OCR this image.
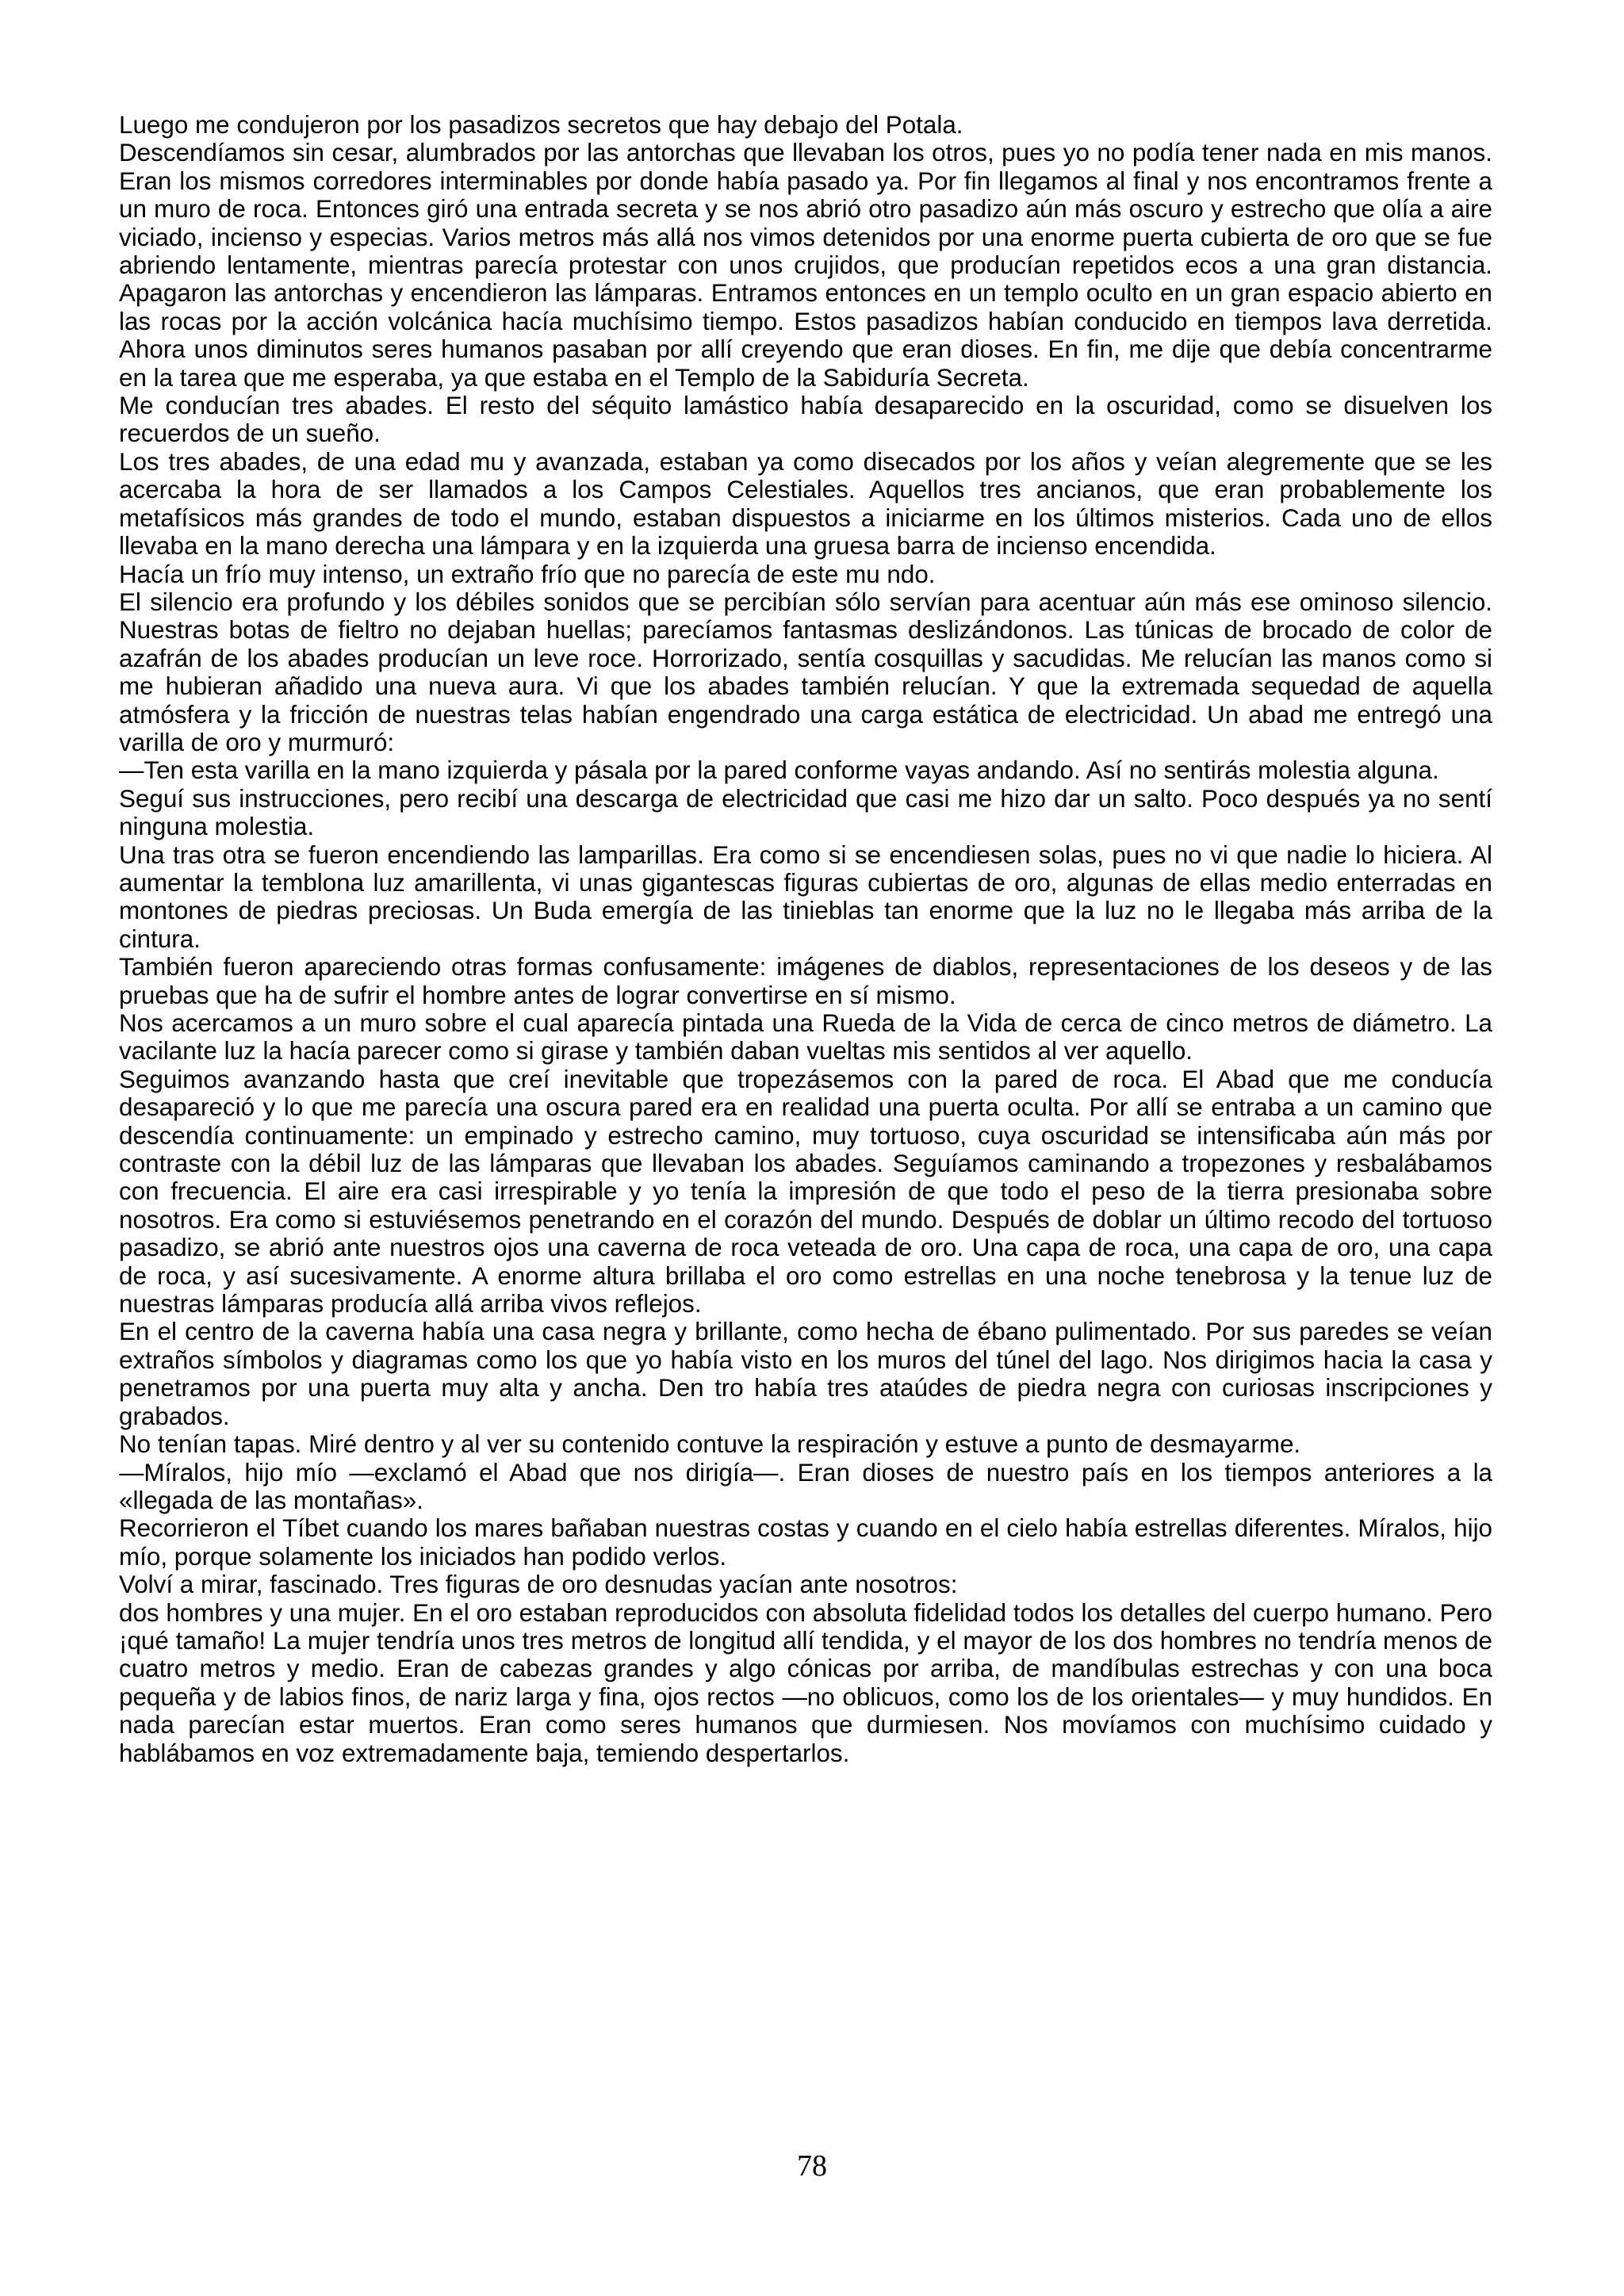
Luego me condujeron por los pasadizos secretos que hay debajo del Potala.

Descendíamos sin cesar, alumbrados por las antorchas que llevaban los otros, pues yo no podía tener nada en mis manos. Eran los mismos corredores interminables por donde había pasado ya. Por fin llegamos al final y nos encontramos frente a un muro de roca. Entonces giró una entrada secreta y se nos abrió otro pasadizo aún más oscuro y estrecho que olía a aire viciado, incienso y especias. Varios metros más allá nos vimos detenidos por una enorme puerta cubierta de oro que se fue abriendo lentamente, mientras parecía protestar con unos crujidos, que producían repetidos ecos a una gran distancia. Apagaron las antorchas y encendieron las lámparas. Entramos entonces en un templo oculto en un gran espacio abierto en las rocas por la acción volcánica hacía muchísimo tiempo. Estos pasadizos habían conducido en tiempos lava derretida. Ahora unos diminutos seres humanos pasaban por allí creyendo que eran dioses. En fin, me dije que debía concentrarme en la tarea que me esperaba, ya que estaba en el Templo de la Sabiduría Secreta.

Me conducían tres abades. El resto del séquito lamástico había desaparecido en la oscuridad, como se disuelven los recuerdos de un sueño.

Los tres abades, de una edad mu y avanzada, estaban ya como disecados por los años y veían alegremente que se les acercaba la hora de ser llamados a los Campos Celestiales. Aquellos tres ancianos, que eran probablemente los metafísicos más grandes de todo el mundo, estaban dispuestos a iniciarme en los últimos misterios. Cada uno de ellos llevaba en la mano derecha una lámpara y en la izquierda una gruesa barra de incienso encendida.

Hacía un frío muy intenso, un extraño frío que no parecía de este mu ndo.

El silencio era profundo y los débiles sonidos que se percibían sólo servían para acentuar aún más ese ominoso silencio. Nuestras botas de fieltro no dejaban huellas; parecíamos fantasmas deslizándonos. Las túnicas de brocado de color de azafrán de los abades producían un leve roce. Horrorizado, sentía cosquillas y sacudidas. Me relucían las manos como si me hubieran añadido una nueva aura. Vi que los abades también relucían. Y que la extremada sequedad de aquella atmósfera y la fricción de nuestras telas habían engendrado una carga estática de electricidad. Un abad me entregó una varilla de oro y murmuró:

—Ten esta varilla en la mano izquierda y pásala por la pared conforme vayas andando. Así no sentirás molestia alguna.

Seguí sus instrucciones, pero recibí una descarga de electricidad que casi me hizo dar un salto. Poco después ya no sentí ninguna molestia.

Una tras otra se fueron encendiendo las lamparillas. Era como si se encendiesen solas, pues no vi que nadie lo hiciera. Al aumentar la temblona luz amarillenta, vi unas gigantescas figuras cubiertas de oro, algunas de ellas medio enterradas en montones de piedras preciosas. Un Buda emergía de las tinieblas tan enorme que la luz no le llegaba más arriba de la cintura.

También fueron apareciendo otras formas confusamente: imágenes de diablos, representaciones de los deseos y de las pruebas que ha de sufrir el hombre antes de lograr convertirse en sí mismo.

Nos acercamos a un muro sobre el cual aparecía pintada una Rueda de la Vida de cerca de cinco metros de diámetro. La vacilante luz la hacía parecer como si girase y también daban vueltas mis sentidos al ver aquello.

Seguimos avanzando hasta que creí inevitable que tropezásemos con la pared de roca. El Abad que me conducía desapareció y lo que me parecía una oscura pared era en realidad una puerta oculta. Por allí se entraba a un camino que descendía continuamente: un empinado y estrecho camino, muy tortuoso, cuya oscuridad se intensificaba aún más por contraste con la débil luz de las lámparas que llevaban los abades. Seguíamos caminando a tropezones y resbalábamos con frecuencia. El aire era casi irrespirable y yo tenía la impresión de que todo el peso de la tierra presionaba sobre nosotros. Era como si estuviésemos penetrando en el corazón del mundo. Después de doblar un último recodo del tortuoso pasadizo, se abrió ante nuestros ojos una caverna de roca veteada de oro. Una capa de roca, una capa de oro, una capa de roca, y así sucesivamente. A enorme altura brillaba el oro como estrellas en una noche tenebrosa y la tenue luz de nuestras lámparas producía allá arriba vivos reflejos.

En el centro de la caverna había una casa negra y brillante, como hecha de ébano pulimentado. Por sus paredes se veían extraños símbolos y diagramas como los que yo había visto en los muros del túnel del lago. Nos dirigimos hacia la casa y penetramos por una puerta muy alta y ancha. Den tro había tres ataúdes de piedra negra con curiosas inscripciones y grabados.

No tenían tapas. Miré dentro y al ver su contenido contuve la respiración y estuve a punto de desmayarme.

—Míralos, hijo mío —exclamó el Abad que nos dirigía—. Eran dioses de nuestro país en los tiempos anteriores a la «llegada de las montañas».

Recorrieron el Tíbet cuando los mares bañaban nuestras costas y cuando en el cielo había estrellas diferentes. Míralos, hijo mío, porque solamente los iniciados han podido verlos.

Volví a mirar, fascinado. Tres figuras de oro desnudas yacían ante nosotros:

dos hombres y una mujer. En el oro estaban reproducidos con absoluta fidelidad todos los detalles del cuerpo humano. Pero ¡qué tamaño! La mujer tendría unos tres metros de longitud allí tendida, y el mayor de los dos hombres no tendría menos de cuatro metros y medio. Eran de cabezas grandes y algo cónicas por arriba, de mandíbulas estrechas y con una boca pequeña y de labios finos, de nariz larga y fina, ojos rectos —no oblicuos, como los de los orientales— y muy hundidos. En nada parecían estar muertos. Eran como seres humanos que durmiesen. Nos movíamos con muchísimo cuidado y hablábamos en voz extremadamente baja, temiendo despertarlos.

78
